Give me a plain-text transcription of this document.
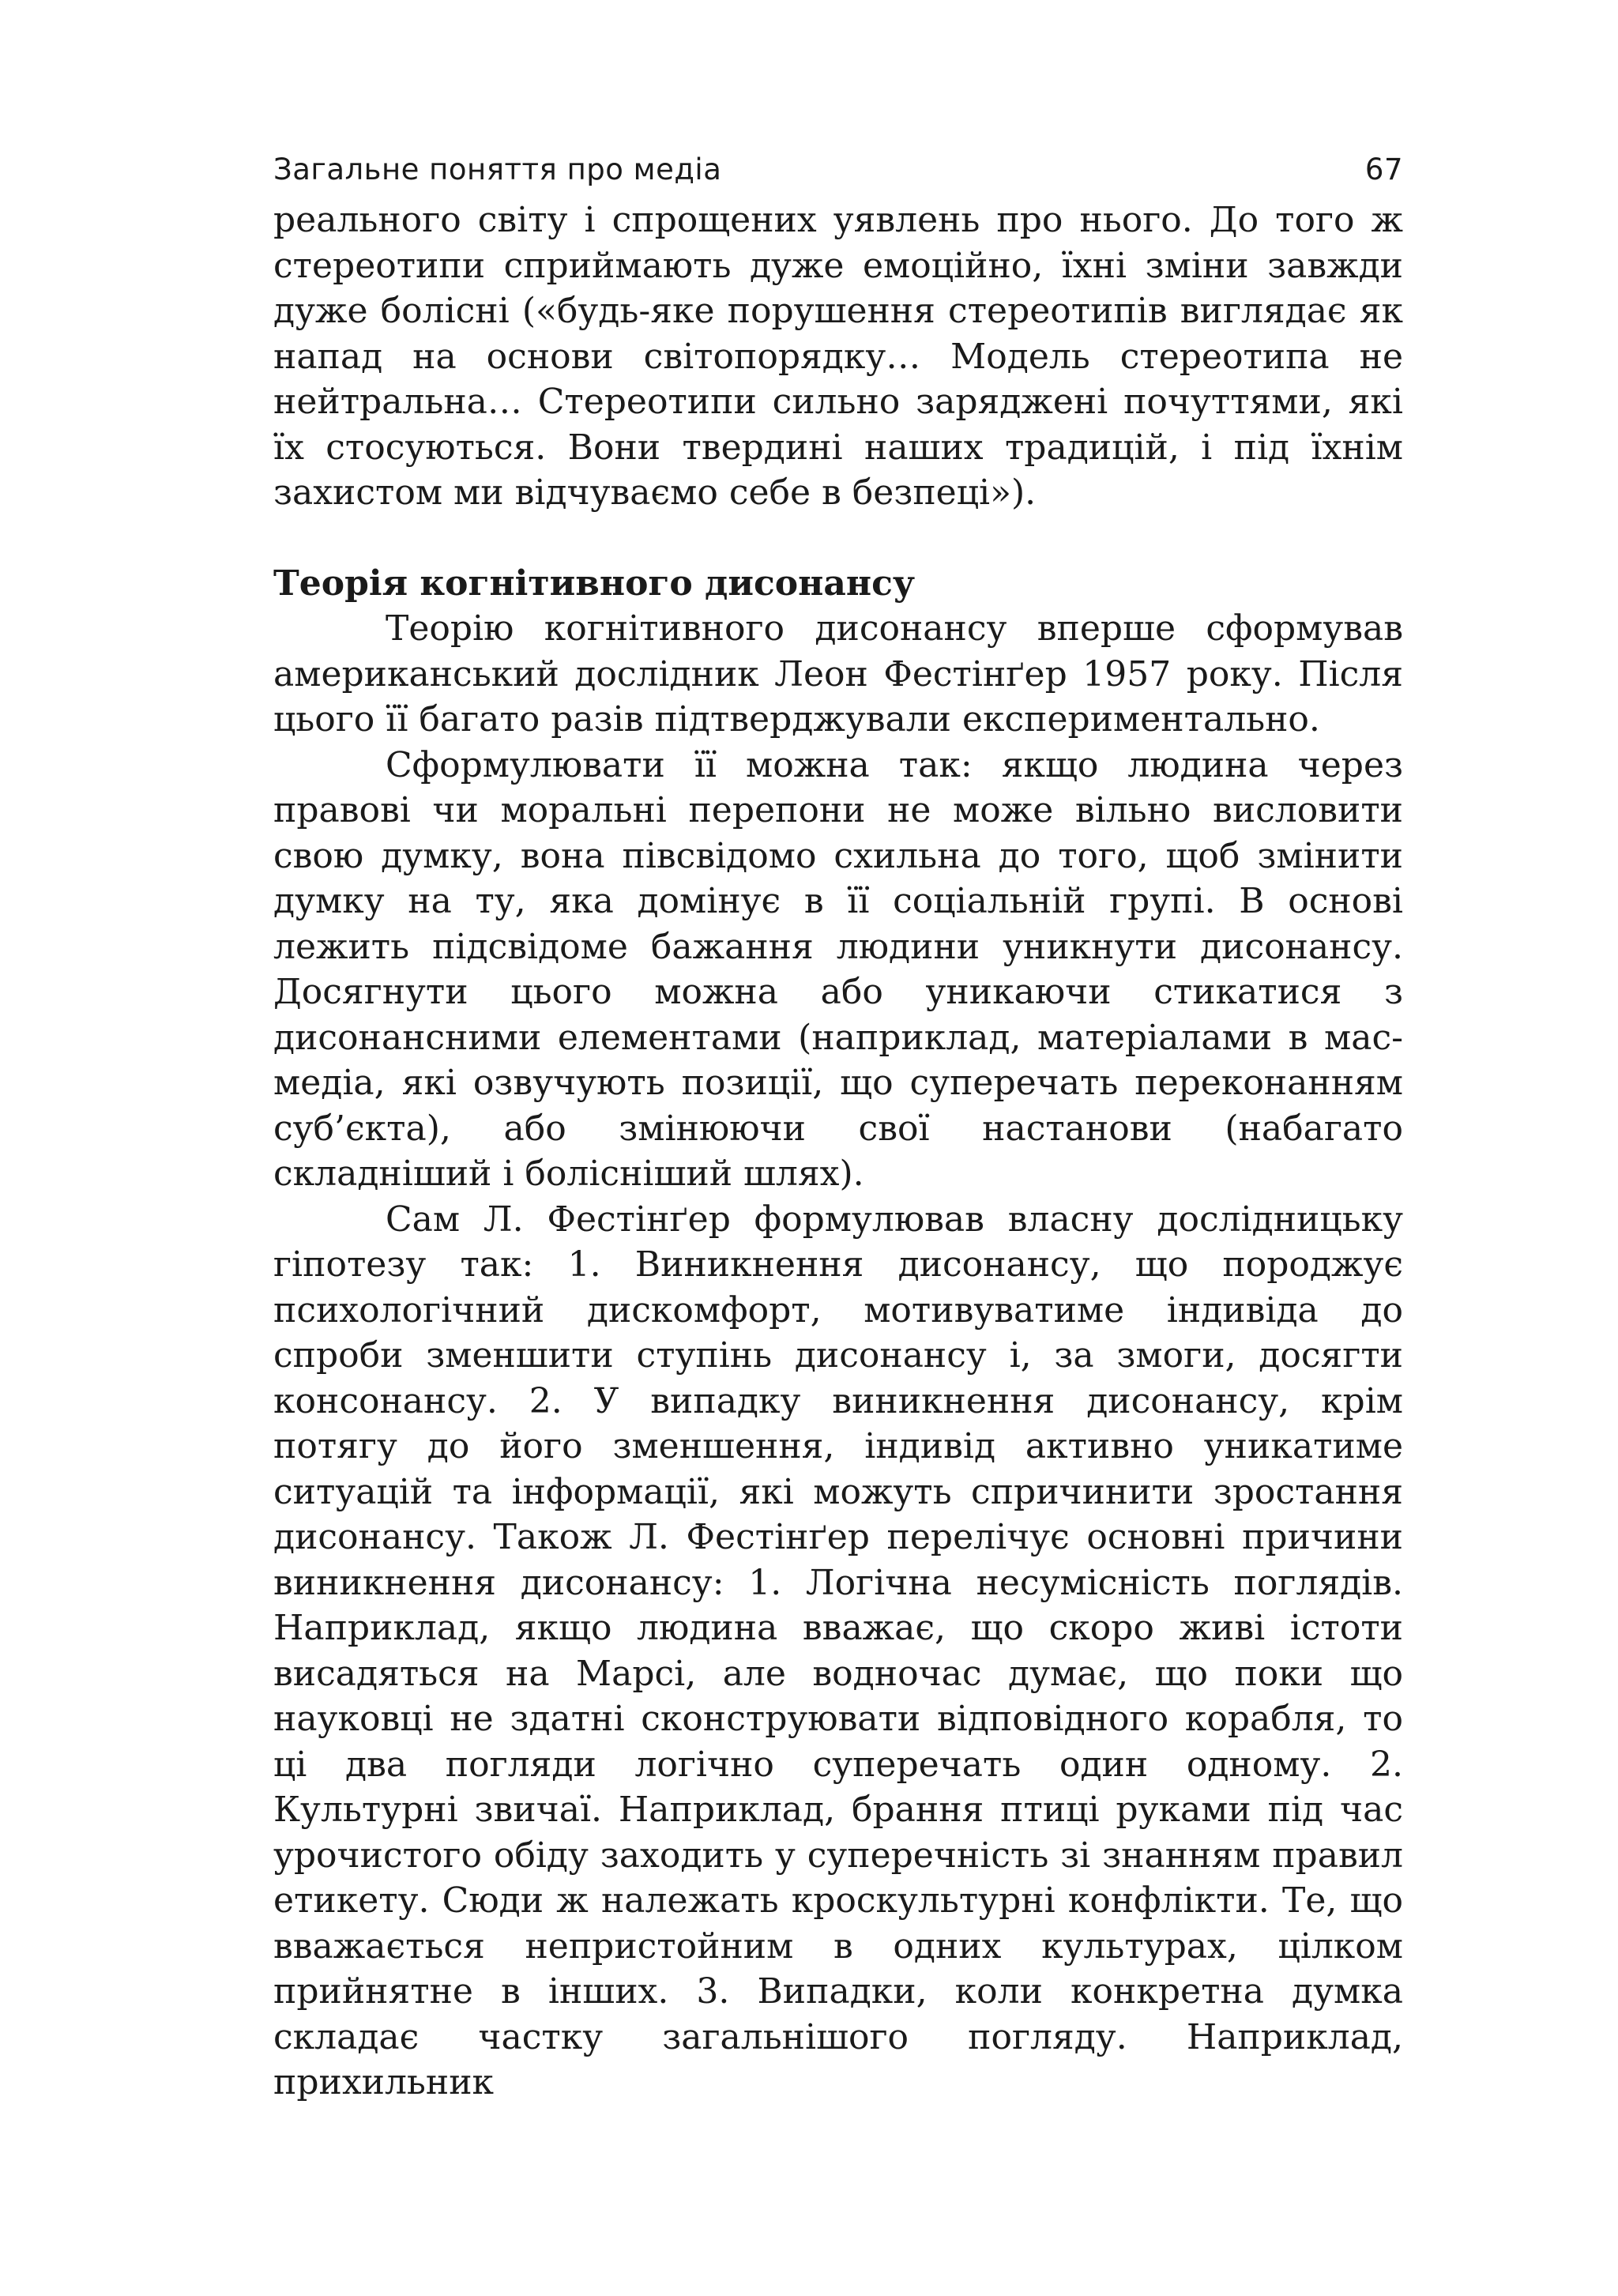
Загальне поняття про медіа	67

реального світу і спрощених уявлень про нього. До того ж стереотипи сприймають дуже емоційно, їхні зміни завжди дуже болісні («будь-яке порушення стереотипів виглядає як напад на основи світопорядку… Модель стереотипа не нейтральна… Стереотипи сильно заряджені почуттями, які їх стосуються. Вони твердині наших традицій, і під їхнім захистом ми відчуваємо себе в безпеці»).

Теорія когнітивного дисонансу

Теорію когнітивного дисонансу вперше сформував американський дослідник Леон Фестінґер 1957 року. Після цього її багато разів підтверджували експериментально.

Сформулювати її можна так: якщо людина через правові чи моральні перепони не може вільно висловити свою думку, вона півсвідомо схильна до того, щоб змінити думку на ту, яка домінує в її соціальній групі. В основі лежить підсвідоме бажання людини уникнути дисонансу. Досягнути цього можна або уникаючи стикатися з дисонансними елементами (наприклад, матеріалами в мас-медіа, які озвучують позиції, що суперечать переконанням суб’єкта), або змінюючи свої настанови (набагато складніший і болісніший шлях).

Сам Л. Фестінґер формулював власну дослідницьку гіпотезу так: 1. Виникнення дисонансу, що породжує психологічний дискомфорт, мотивуватиме індивіда до спроби зменшити ступінь дисонансу і, за змоги, досягти консонансу. 2. У випадку виникнення дисонансу, крім потягу до його зменшення, індивід активно уникатиме ситуацій та інформації, які можуть спричинити зростання дисонансу. Також Л. Фестінґер перелічує основні причини виникнення дисонансу: 1. Логічна несумісність поглядів. Наприклад, якщо людина вважає, що скоро живі істоти висадяться на Марсі, але водночас думає, що поки що науковці не здатні сконструювати відповідного корабля, то ці два погляди логічно суперечать один одному. 2. Культурні звичаї. Наприклад, брання птиці руками під час урочистого обіду заходить у суперечність зі знанням правил етикету. Сюди ж належать кроскультурні конфлікти. Те, що вважається непристойним в одних культурах, цілком прийнятне в інших. 3. Випадки, коли конкретна думка складає частку загальнішого погляду. Наприклад, прихильник
